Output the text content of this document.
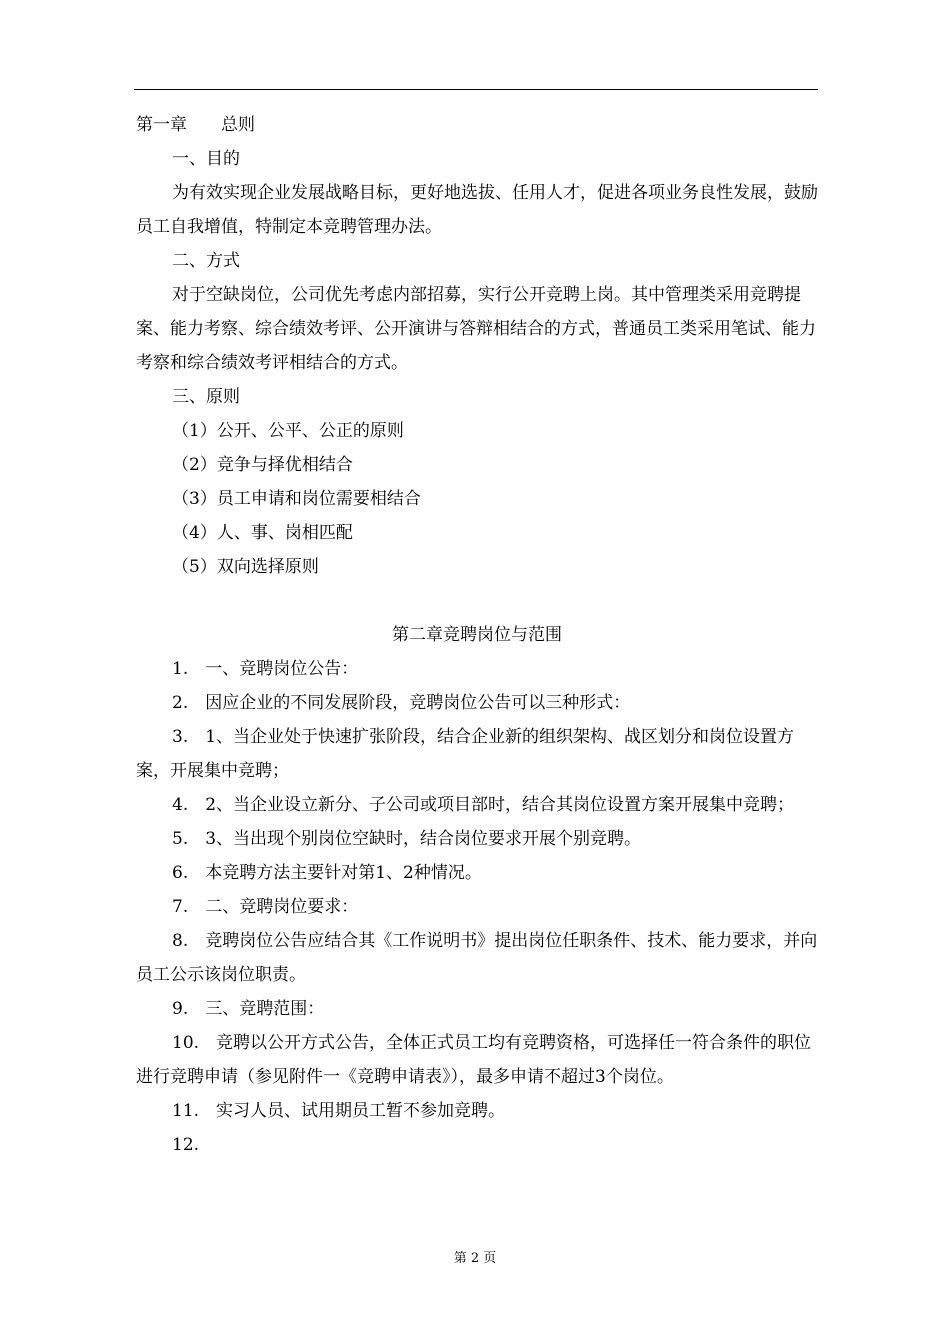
第一章　　总则

一、目的

为有效实现企业发展战略目标，更好地选拔、任用人才，促进各项业务良性发展，鼓励员工自我增值，特制定本竞聘管理办法。

二、方式

对于空缺岗位，公司优先考虑内部招募，实行公开竞聘上岗。其中管理类采用竞聘提案、能力考察、综合绩效考评、公开演讲与答辩相结合的方式，普通员工类采用笔试、能力考察和综合绩效考评相结合的方式。

三、原则

（1）公开、公平、公正的原则

（2）竞争与择优相结合

（3）员工申请和岗位需要相结合

（4）人、事、岗相匹配

（5）双向选择原则

第二章竞聘岗位与范围

1.　一、竞聘岗位公告：

2.　因应企业的不同发展阶段，竞聘岗位公告可以三种形式：

3.　1、当企业处于快速扩张阶段，结合企业新的组织架构、战区划分和岗位设置方案，开展集中竞聘；

4.　2、当企业设立新分、子公司或项目部时，结合其岗位设置方案开展集中竞聘；

5.　3、当出现个别岗位空缺时，结合岗位要求开展个别竞聘。

6.　本竞聘方法主要针对第1、2种情况。

7.　二、竞聘岗位要求：

8.　竞聘岗位公告应结合其《工作说明书》提出岗位任职条件、技术、能力要求，并向员工公示该岗位职责。

9.　三、竞聘范围：

10.　竞聘以公开方式公告，全体正式员工均有竞聘资格，可选择任一符合条件的职位进行竞聘申请（参见附件一《竞聘申请表》），最多申请不超过3个岗位。

11.　实习人员、试用期员工暂不参加竞聘。

12.

第 2 页
